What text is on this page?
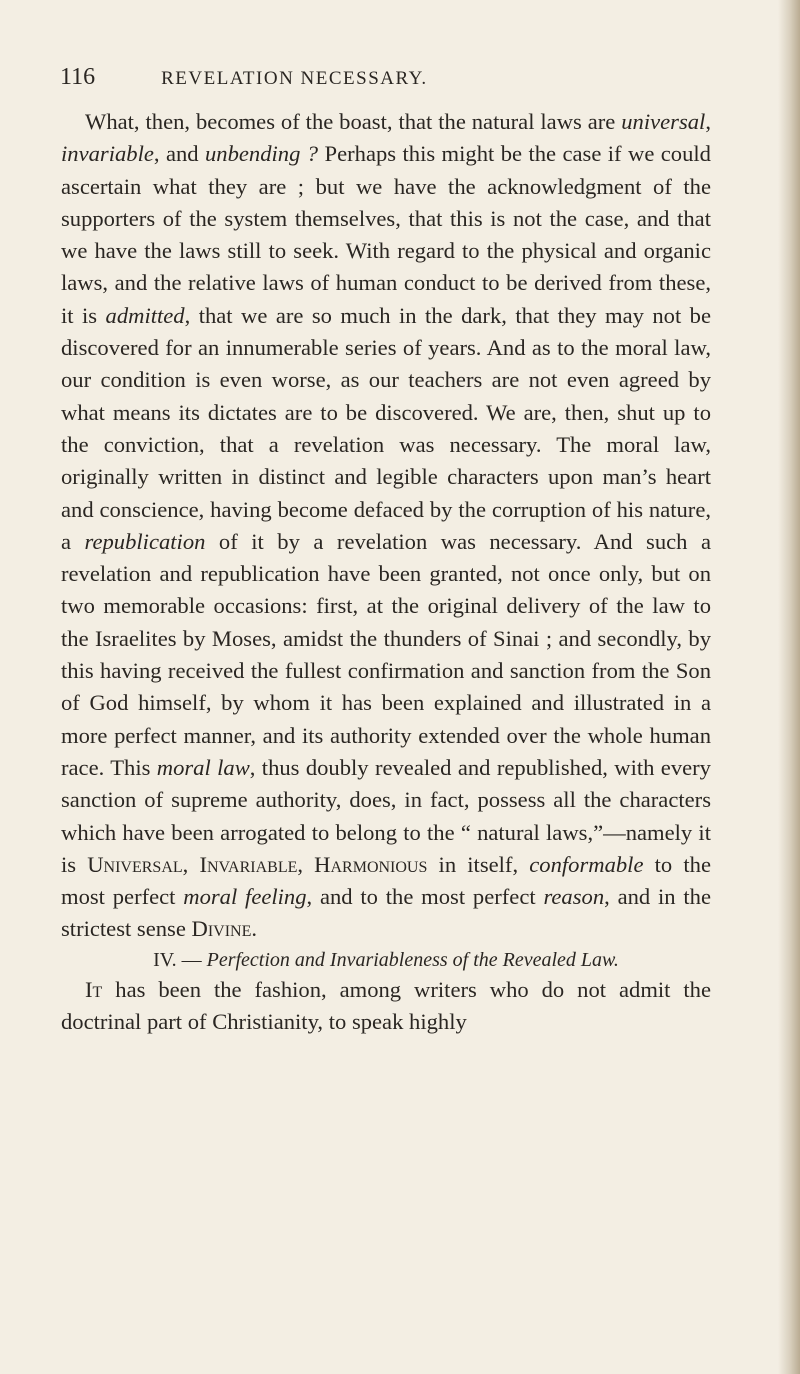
116	REVELATION NECESSARY.

What, then, becomes of the boast, that the natural laws are universal, invariable, and unbending ? Perhaps this might be the case if we could ascertain what they are ; but we have the acknowledgment of the supporters of the system themselves, that this is not the case, and that we have the laws still to seek. With regard to the physical and organic laws, and the relative laws of human conduct to be derived from these, it is admitted, that we are so much in the dark, that they may not be discovered for an innumerable series of years. And as to the moral law, our condition is even worse, as our teachers are not even agreed by what means its dictates are to be discovered. We are, then, shut up to the conviction, that a revelation was necessary. The moral law, originally written in distinct and legible characters upon man’s heart and conscience, having become defaced by the corruption of his nature, a republication of it by a revelation was necessary. And such a revelation and republication have been granted, not once only, but on two memorable occasions: first, at the original delivery of the law to the Israelites by Moses, amidst the thunders of Sinai ; and secondly, by this having received the fullest confirmation and sanction from the Son of God himself, by whom it has been explained and illustrated in a more perfect manner, and its authority extended over the whole human race. This moral law, thus doubly revealed and republished, with every sanction of supreme authority, does, in fact, possess all the characters which have been arrogated to belong to the “ natural laws,”—namely it is Universal, Invariable, Harmonious in itself, conformable to the most perfect moral feeling, and to the most perfect reason, and in the strictest sense Divine.

IV. — Perfection and Invariableness of the Revealed Law.

It has been the fashion, among writers who do not admit the doctrinal part of Christianity, to speak highly
